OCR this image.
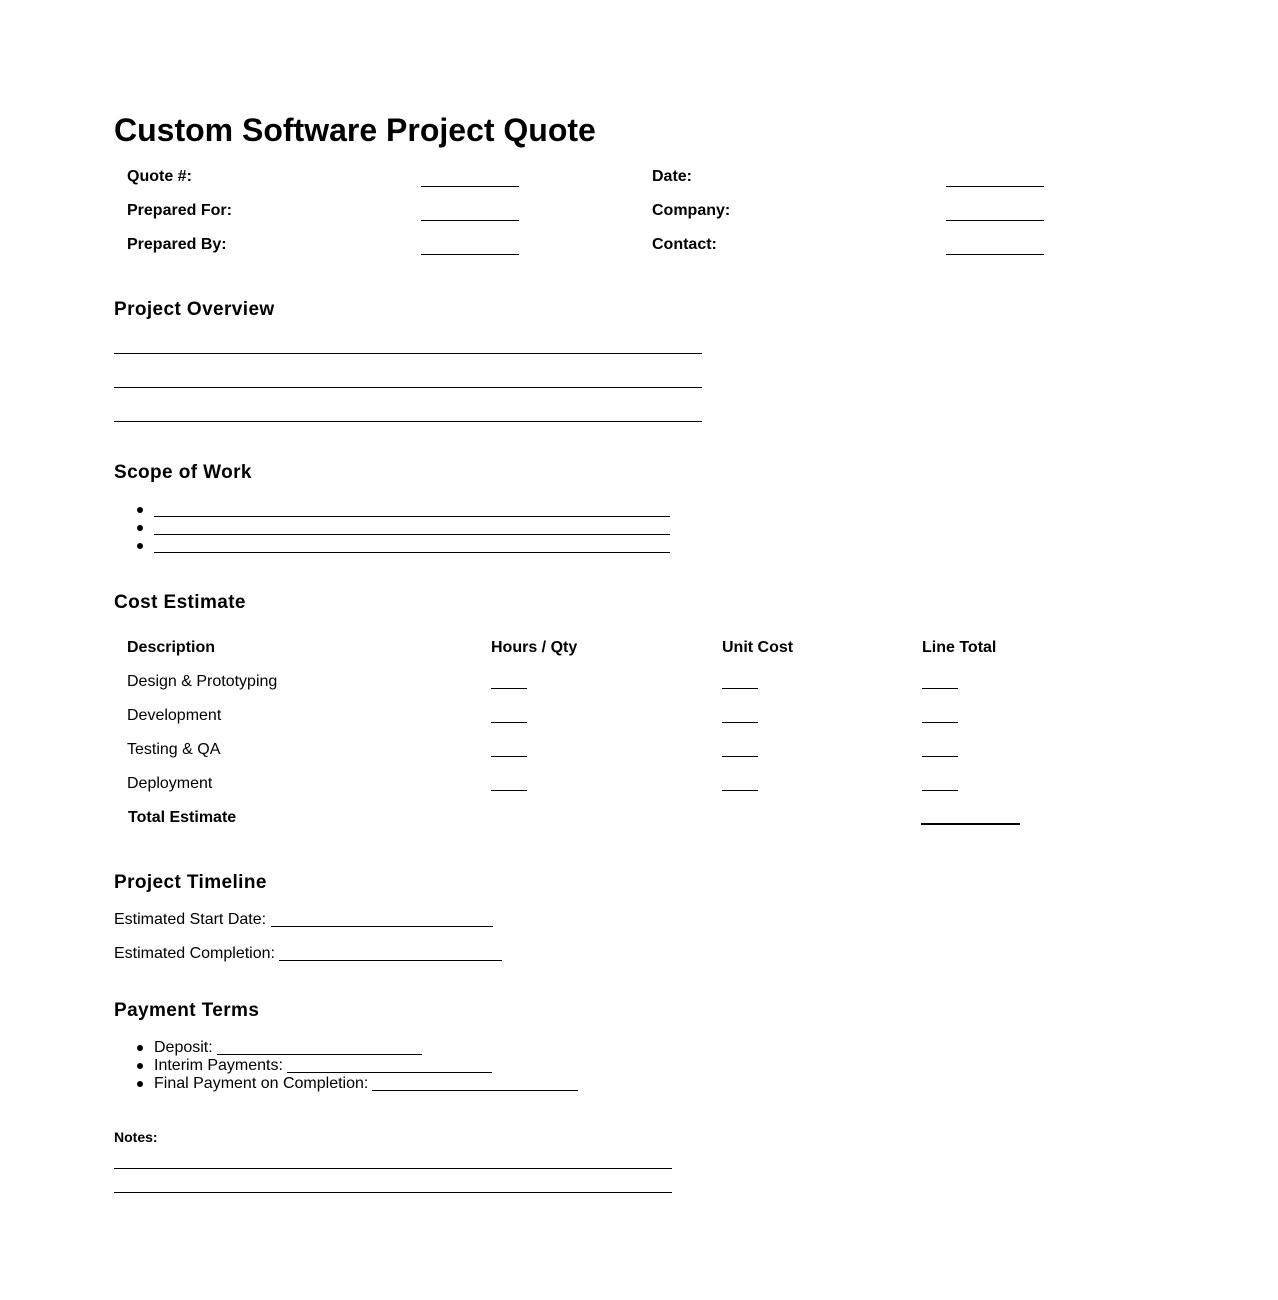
Custom Software Project Quote
Quote #:	Date:
Prepared For:	Company:
Prepared By:	Contact:
Project Overview
Scope of Work
Cost Estimate
Description	Hours / Qty	Unit Cost	Line Total
Design & Prototyping
Development
Testing & QA
Deployment
Total Estimate
Project Timeline
Estimated Start Date:
Estimated Completion:
Payment Terms
Deposit:
Interim Payments:
Final Payment on Completion:
Notes:
